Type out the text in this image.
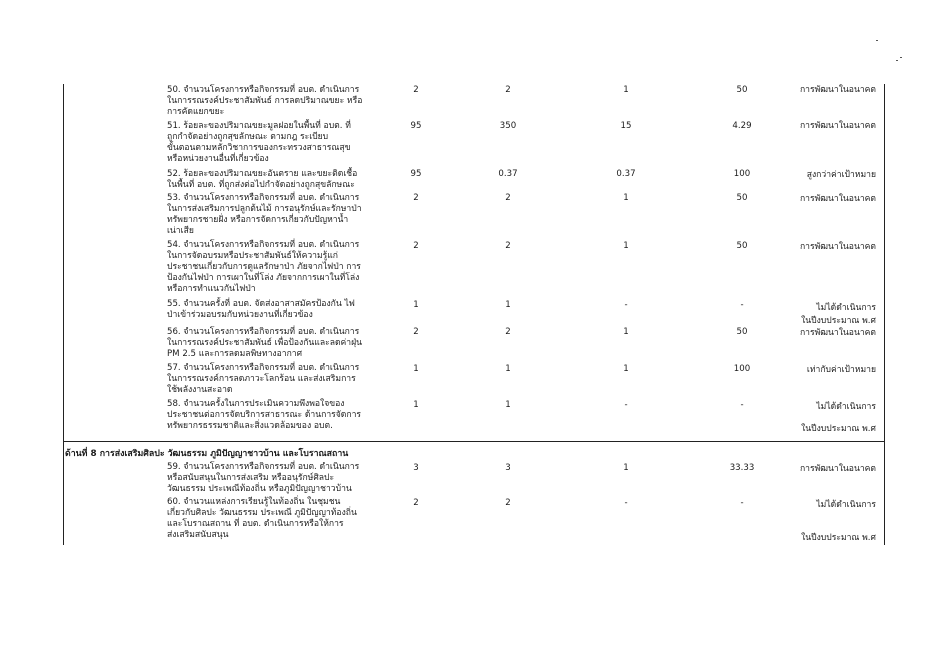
50. จำนวนโครงการหรือกิจกรรมที่ อบต. ดำเนินการ
ในการรณรงค์ประชาสัมพันธ์ การลดปริมาณขยะ หรือ
การคัดแยกขยะ
2	2	1	50	การพัฒนาในอนาคต
51. ร้อยละของปริมาณขยะมูลฝอยในพื้นที่ อบต. ที่
ถูกกำจัดอย่างถูกสุขลักษณะ ตามกฎ ระเบียบ
ขั้นตอนตามหลักวิชาการของกระทรวงสาธารณสุข
หรือหน่วยงานอื่นที่เกี่ยวข้อง
95	350	15	4.29	การพัฒนาในอนาคต
52. ร้อยละของปริมาณขยะอันตราย และขยะติดเชื้อ
ในพื้นที่ อบต. ที่ถูกส่งต่อไปกำจัดอย่างถูกสุขลักษณะ
95	0.37	0.37	100	สูงกว่าค่าเป้าหมาย
53. จำนวนโครงการหรือกิจกรรมที่ อบต. ดำเนินการ
ในการส่งเสริมการปลูกต้นไม้ การอนุรักษ์และรักษาป่า
ทรัพยากรชายฝั่ง หรือการจัดการเกี่ยวกับปัญหาน้ำ
เน่าเสีย
2	2	1	50	การพัฒนาในอนาคต
54. จำนวนโครงการหรือกิจกรรมที่ อบต. ดำเนินการ
ในการจัดอบรมหรือประชาสัมพันธ์ให้ความรู้แก่
ประชาชนเกี่ยวกับการดูแลรักษาป่า ภัยจากไฟป่า การ
ป้องกันไฟป่า การเผาในที่โล่ง ภัยจากการเผาในที่โล่ง
หรือการทำแนวกันไฟป่า
2	2	1	50	การพัฒนาในอนาคต
55. จำนวนครั้งที่ อบต. จัดส่งอาสาสมัครป้องกัน ไฟ
ป่าเข้าร่วมอบรมกับหน่วยงานที่เกี่ยวข้อง
1	1	-	-	ไม่ได้ดำเนินการ
ในปีงบประมาณ พ.ศ
56. จำนวนโครงการหรือกิจกรรมที่ อบต. ดำเนินการ
ในการรณรงค์ประชาสัมพันธ์ เพื่อป้องกันและลดค่าฝุ่น
PM 2.5 และการลดมลพิษทางอากาศ
2	2	1	50	การพัฒนาในอนาคต
57. จำนวนโครงการหรือกิจกรรมที่ อบต. ดำเนินการ
ในการรณรงค์การลดภาวะโลกร้อน และส่งเสริมการ
ใช้พลังงานสะอาด
1	1	1	100	เท่ากับค่าเป้าหมาย
58. จำนวนครั้งในการประเมินความพึงพอใจของ
ประชาชนต่อการจัดบริการสาธารณะ ด้านการจัดการ
ทรัพยากรธรรมชาติและสิ่งแวดล้อมของ อบต.
1	1	-	-	ไม่ได้ดำเนินการ

ในปีงบประมาณ พ.ศ
ด้านที่ 8 การส่งเสริมศิลปะ วัฒนธรรม ภูมิปัญญาชาวบ้าน และโบราณสถาน
59. จำนวนโครงการหรือกิจกรรมที่ อบต. ดำเนินการ
หรือสนับสนุนในการส่งเสริม หรืออนุรักษ์ศิลปะ
วัฒนธรรม ประเพณีท้องถิ่น หรือภูมิปัญญาชาวบ้าน
3	3	1	33.33	การพัฒนาในอนาคต
60. จำนวนแหล่งการเรียนรู้ในท้องถิ่น ในชุมชน
เกี่ยวกับศิลปะ วัฒนธรรม ประเพณี ภูมิปัญญาท้องถิ่น
และโบราณสถาน ที่ อบต. ดำเนินการหรือให้การ
ส่งเสริมสนับสนุน
2	2	-	-	ไม่ได้ดำเนินการ

ในปีงบประมาณ พ.ศ
